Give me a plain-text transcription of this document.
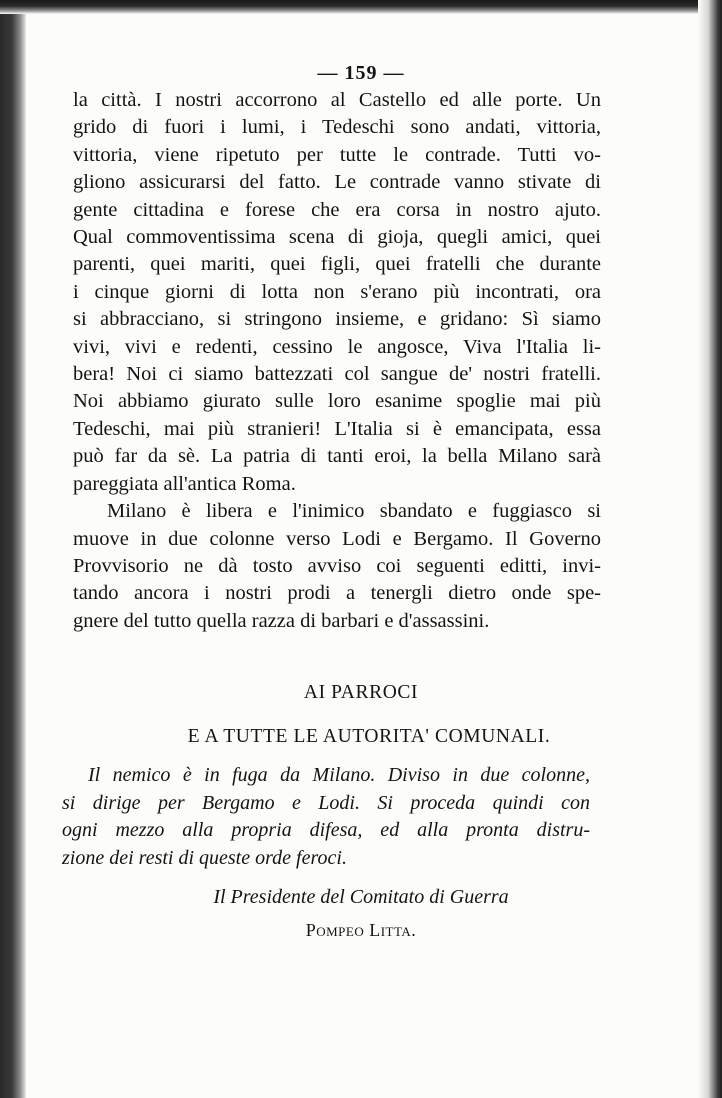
— 159 —
la città. I nostri accorrono al Castello ed alle porte. Un
grido di fuori i lumi, i Tedeschi sono andati, vittoria,
vittoria, viene ripetuto per tutte le contrade. Tutti vo-
gliono assicurarsi del fatto. Le contrade vanno stivate di
gente cittadina e forese che era corsa in nostro ajuto.
Qual commoventissima scena di gioja, quegli amici, quei
parenti, quei mariti, quei figli, quei fratelli che durante
i cinque giorni di lotta non s'erano più incontrati, ora
si abbracciano, si stringono insieme, e gridano: Sì siamo
vivi, vivi e redenti, cessino le angosce, Viva l'Italia li-
bera! Noi ci siamo battezzati col sangue de' nostri fratelli.
Noi abbiamo giurato sulle loro esanime spoglie mai più
Tedeschi, mai più stranieri! L'Italia si è emancipata, essa
può far da sè. La patria di tanti eroi, la bella Milano sarà
pareggiata all'antica Roma.
Milano è libera e l'inimico sbandato e fuggiasco si
muove in due colonne verso Lodi e Bergamo. Il Governo
Provvisorio ne dà tosto avviso coi seguenti editti, invi-
tando ancora i nostri prodi a tenergli dietro onde spe-
gnere del tutto quella razza di barbari e d'assassini.
AI PARROCI
E A TUTTE LE AUTORITA' COMUNALI.
Il nemico è in fuga da Milano. Diviso in due colonne,
si dirige per Bergamo e Lodi. Si proceda quindi con
ogni mezzo alla propria difesa, ed alla pronta distru-
zione dei resti di queste orde feroci.
Il Presidente del Comitato di Guerra
Pompeo Litta.
